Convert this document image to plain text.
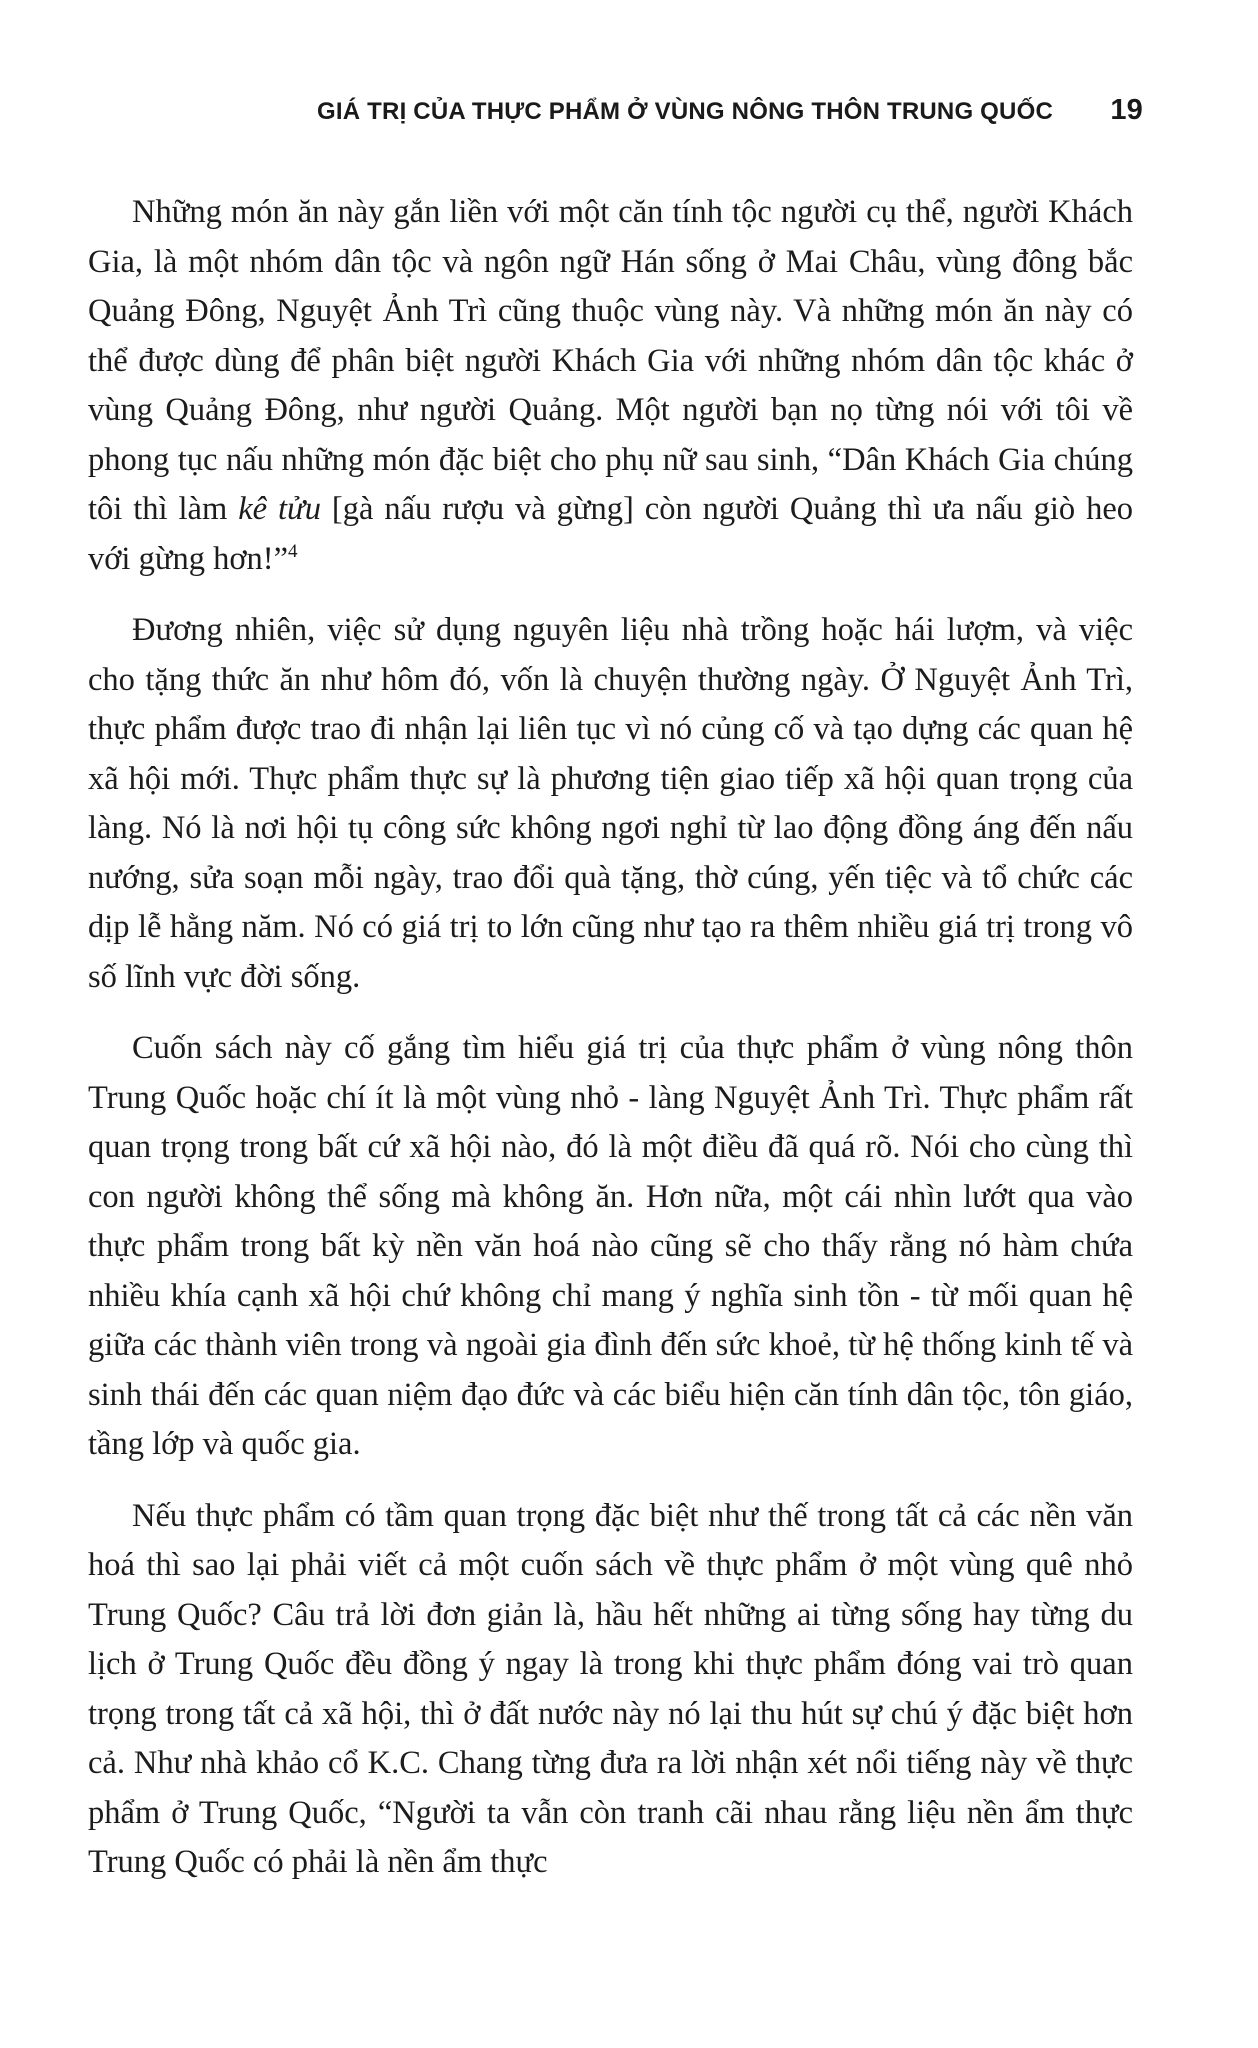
GIÁ TRỊ CỦA THỰC PHẨM Ở VÙNG NÔNG THÔN TRUNG QUỐC 19

Những món ăn này gắn liền với một căn tính tộc người cụ thể, người Khách Gia, là một nhóm dân tộc và ngôn ngữ Hán sống ở Mai Châu, vùng đông bắc Quảng Đông, Nguyệt Ảnh Trì cũng thuộc vùng này. Và những món ăn này có thể được dùng để phân biệt người Khách Gia với những nhóm dân tộc khác ở vùng Quảng Đông, như người Quảng. Một người bạn nọ từng nói với tôi về phong tục nấu những món đặc biệt cho phụ nữ sau sinh, “Dân Khách Gia chúng tôi thì làm kê tửu [gà nấu rượu và gừng] còn người Quảng thì ưa nấu giò heo với gừng hơn!”$^4$

Đương nhiên, việc sử dụng nguyên liệu nhà trồng hoặc hái lượm, và việc cho tặng thức ăn như hôm đó, vốn là chuyện thường ngày. Ở Nguyệt Ảnh Trì, thực phẩm được trao đi nhận lại liên tục vì nó củng cố và tạo dựng các quan hệ xã hội mới. Thực phẩm thực sự là phương tiện giao tiếp xã hội quan trọng của làng. Nó là nơi hội tụ công sức không ngơi nghỉ từ lao động đồng áng đến nấu nướng, sửa soạn mỗi ngày, trao đổi quà tặng, thờ cúng, yến tiệc và tổ chức các dịp lễ hằng năm. Nó có giá trị to lớn cũng như tạo ra thêm nhiều giá trị trong vô số lĩnh vực đời sống.

Cuốn sách này cố gắng tìm hiểu giá trị của thực phẩm ở vùng nông thôn Trung Quốc hoặc chí ít là một vùng nhỏ - làng Nguyệt Ảnh Trì. Thực phẩm rất quan trọng trong bất cứ xã hội nào, đó là một điều đã quá rõ. Nói cho cùng thì con người không thể sống mà không ăn. Hơn nữa, một cái nhìn lướt qua vào thực phẩm trong bất kỳ nền văn hoá nào cũng sẽ cho thấy rằng nó hàm chứa nhiều khía cạnh xã hội chứ không chỉ mang ý nghĩa sinh tồn - từ mối quan hệ giữa các thành viên trong và ngoài gia đình đến sức khoẻ, từ hệ thống kinh tế và sinh thái đến các quan niệm đạo đức và các biểu hiện căn tính dân tộc, tôn giáo, tầng lớp và quốc gia.

Nếu thực phẩm có tầm quan trọng đặc biệt như thế trong tất cả các nền văn hoá thì sao lại phải viết cả một cuốn sách về thực phẩm ở một vùng quê nhỏ Trung Quốc? Câu trả lời đơn giản là, hầu hết những ai từng sống hay từng du lịch ở Trung Quốc đều đồng ý ngay là trong khi thực phẩm đóng vai trò quan trọng trong tất cả xã hội, thì ở đất nước này nó lại thu hút sự chú ý đặc biệt hơn cả. Như nhà khảo cổ K.C. Chang từng đưa ra lời nhận xét nổi tiếng này về thực phẩm ở Trung Quốc, “Người ta vẫn còn tranh cãi nhau rằng liệu nền ẩm thực Trung Quốc có phải là nền ẩm thực
